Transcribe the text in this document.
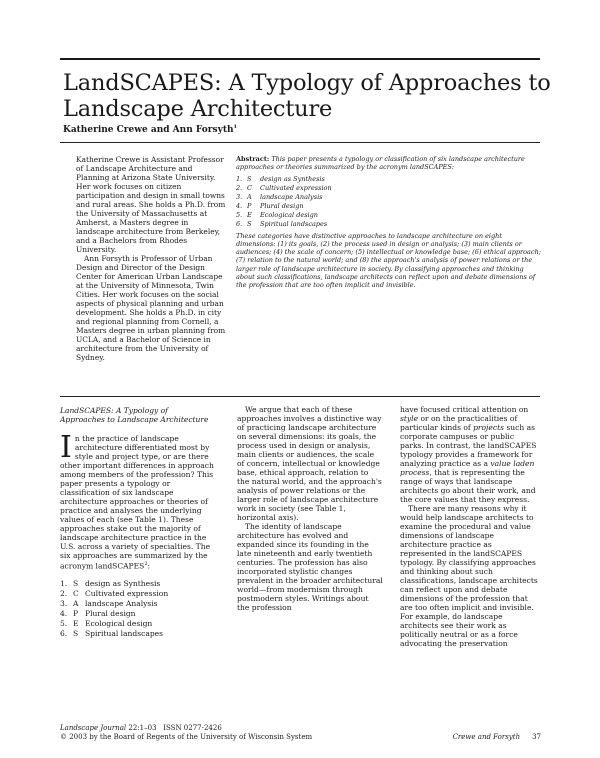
LandSCAPES: A Typology of Approaches to
Landscape Architecture
Katherine Crewe and Ann Forsyth$^1$

Katherine Crewe is Assistant Professor of Landscape Architecture and Planning at Arizona State University. Her work focuses on citizen participation and design in small towns and rural areas. She holds a Ph.D. from the University of Massachusetts at Amherst, a Masters degree in landscape architecture from Berkeley, and a Bachelors from Rhodes University.

Ann Forsyth is Professor of Urban Design and Director of the Design Center for American Urban Landscape at the University of Minnesota, Twin Cities. Her work focuses on the social aspects of physical planning and urban development. She holds a Ph.D. in city and regional planning from Cornell, a Masters degree in urban planning from UCLA, and a Bachelor of Science in architecture from the University of Sydney.

Abstract: This paper presents a typology or classification of six landscape architecture approaches or theories summarized by the acronym landSCAPES:

1. S design as Synthesis
2. C Cultivated expression
3. A landscape Analysis
4. P Plural design
5. E Ecological design
6. S Spiritual landscapes

These categories have distinctive approaches to landscape architecture on eight dimensions: (1) its goals, (2) the process used in design or analysis; (3) main clients or audiences; (4) the scale of concern; (5) intellectual or knowledge base; (6) ethical approach; (7) relation to the natural world; and (8) the approach's analysis of power relations or the larger role of landscape architecture in society. By classifying approaches and thinking about such classifications, landscape architects can reflect upon and debate dimensions of the profession that are too often implicit and invisible.

LandSCAPES: A Typology of Approaches to Landscape Architecture

In the practice of landscape architecture differentiated most by style and project type, or are there other important differences in approach among members of the profession? This paper presents a typology or classification of six landscape architecture approaches or theories of practice and analyses the underlying values of each (see Table 1). These approaches stake out the majority of landscape architecture practice in the U.S. across a variety of specialties. The six approaches are summarized by the acronym landSCAPES$^2$:

1. S design as Synthesis
2. C Cultivated expression
3. A landscape Analysis
4. P Plural design
5. E Ecological design
6. S Spiritual landscapes

We argue that each of these approaches involves a distinctive way of practicing landscape architecture on several dimensions: its goals, the process used in design or analysis, main clients or audiences, the scale of concern, intellectual or knowledge base, ethical approach, relation to the natural world, and the approach's analysis of power relations or the larger role of landscape architecture work in society (see Table 1, horizontal axis).

The identity of landscape architecture has evolved and expanded since its founding in the late nineteenth and early twentieth centuries. The profession has also incorporated stylistic changes prevalent in the broader architectural world—from modernism through postmodern styles. Writings about the profession

have focused critical attention on style or on the practicalities of particular kinds of projects such as corporate campuses or public parks. In contrast, the landSCAPES typology provides a framework for analyzing practice as a value laden process, that is representing the range of ways that landscape architects go about their work, and the core values that they express.

There are many reasons why it would help landscape architects to examine the procedural and value dimensions of landscape architecture practice as represented in the landSCAPES typology. By classifying approaches and thinking about such classifications, landscape architects can reflect upon and debate dimensions of the profession that are too often implicit and invisible. For example, do landscape architects see their work as politically neutral or as a force advocating the preservation

Landscape Journal 22:1–03 ISSN 0277-2426
© 2003 by the Board of Regents of the University of Wisconsin System	Crewe and Forsyth 37
